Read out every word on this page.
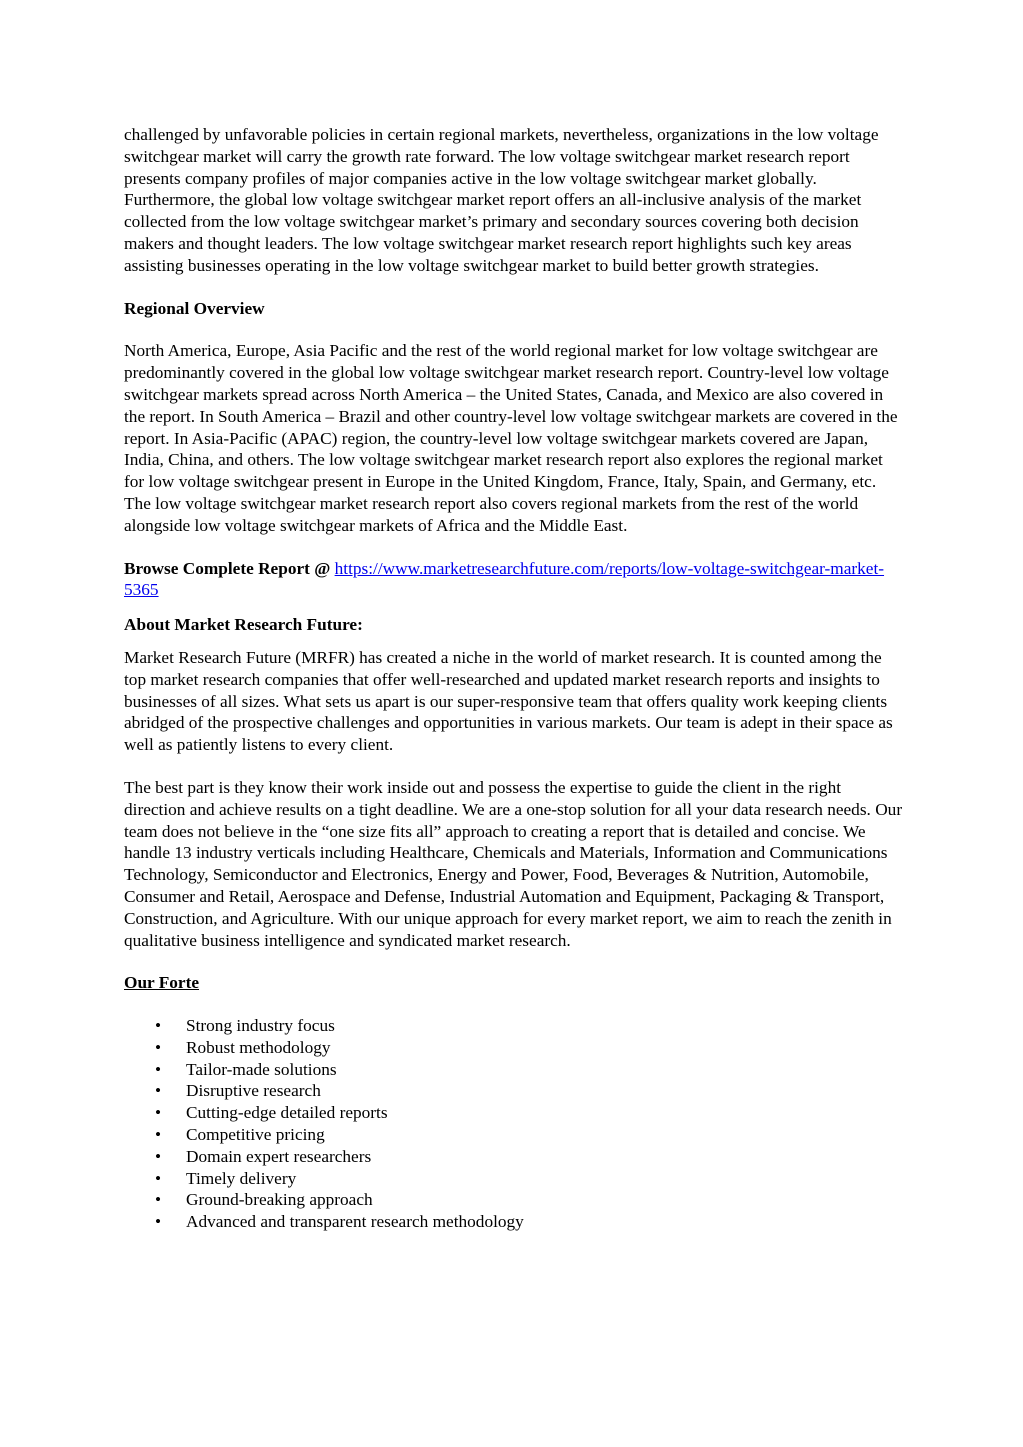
challenged by unfavorable policies in certain regional markets, nevertheless, organizations in the low voltage switchgear market will carry the growth rate forward. The low voltage switchgear market research report presents company profiles of major companies active in the low voltage switchgear market globally. Furthermore, the global low voltage switchgear market report offers an all-inclusive analysis of the market collected from the low voltage switchgear market’s primary and secondary sources covering both decision makers and thought leaders. The low voltage switchgear market research report highlights such key areas assisting businesses operating in the low voltage switchgear market to build better growth strategies.

Regional Overview

North America, Europe, Asia Pacific and the rest of the world regional market for low voltage switchgear are predominantly covered in the global low voltage switchgear market research report. Country-level low voltage switchgear markets spread across North America – the United States, Canada, and Mexico are also covered in the report. In South America – Brazil and other country-level low voltage switchgear markets are covered in the report. In Asia-Pacific (APAC) region, the country-level low voltage switchgear markets covered are Japan, India, China, and others. The low voltage switchgear market research report also explores the regional market for low voltage switchgear present in Europe in the United Kingdom, France, Italy, Spain, and Germany, etc. The low voltage switchgear market research report also covers regional markets from the rest of the world alongside low voltage switchgear markets of Africa and the Middle East.

Browse Complete Report @ https://www.marketresearchfuture.com/reports/low-voltage-switchgear-market-5365

About Market Research Future:

Market Research Future (MRFR) has created a niche in the world of market research. It is counted among the top market research companies that offer well-researched and updated market research reports and insights to businesses of all sizes. What sets us apart is our super-responsive team that offers quality work keeping clients abridged of the prospective challenges and opportunities in various markets. Our team is adept in their space as well as patiently listens to every client.

The best part is they know their work inside out and possess the expertise to guide the client in the right direction and achieve results on a tight deadline. We are a one-stop solution for all your data research needs. Our team does not believe in the “one size fits all” approach to creating a report that is detailed and concise. We handle 13 industry verticals including Healthcare, Chemicals and Materials, Information and Communications Technology, Semiconductor and Electronics, Energy and Power, Food, Beverages & Nutrition, Automobile, Consumer and Retail, Aerospace and Defense, Industrial Automation and Equipment, Packaging & Transport, Construction, and Agriculture. With our unique approach for every market report, we aim to reach the zenith in qualitative business intelligence and syndicated market research.

Our Forte

• Strong industry focus
• Robust methodology
• Tailor-made solutions
• Disruptive research
• Cutting-edge detailed reports
• Competitive pricing
• Domain expert researchers
• Timely delivery
• Ground-breaking approach
• Advanced and transparent research methodology
